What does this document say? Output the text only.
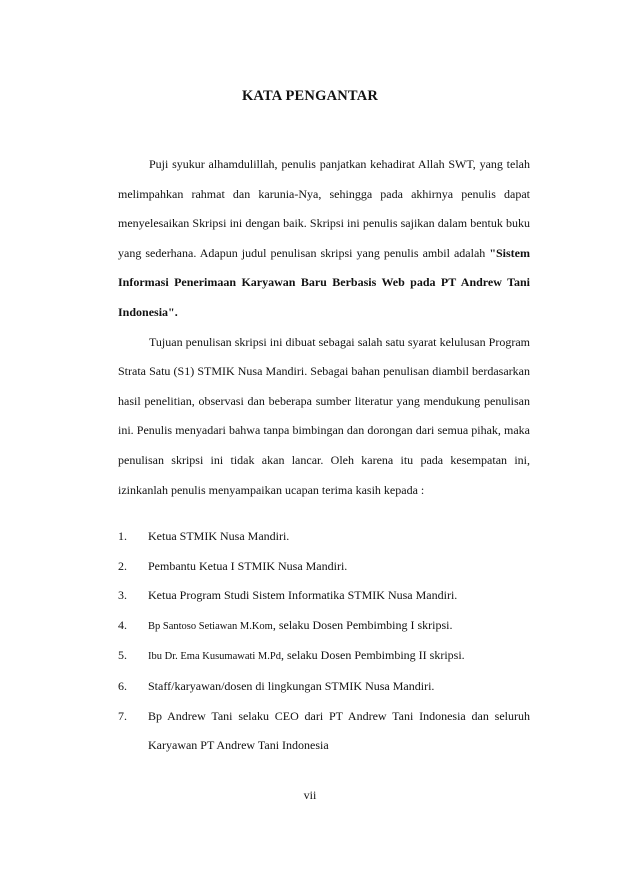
KATA PENGANTAR

Puji syukur alhamdulillah, penulis panjatkan kehadirat Allah SWT, yang telah melimpahkan rahmat dan karunia-Nya, sehingga pada akhirnya penulis dapat menyelesaikan Skripsi ini dengan baik. Skripsi ini penulis sajikan dalam bentuk buku yang sederhana. Adapun judul penulisan skripsi yang penulis ambil adalah "Sistem Informasi Penerimaan Karyawan Baru Berbasis Web pada PT Andrew Tani Indonesia".

Tujuan penulisan skripsi ini dibuat sebagai salah satu syarat kelulusan Program Strata Satu (S1) STMIK Nusa Mandiri. Sebagai bahan penulisan diambil berdasarkan hasil penelitian, observasi dan beberapa sumber literatur yang mendukung penulisan ini. Penulis menyadari bahwa tanpa bimbingan dan dorongan dari semua pihak, maka penulisan skripsi ini tidak akan lancar. Oleh karena itu pada kesempatan ini, izinkanlah penulis menyampaikan ucapan terima kasih kepada :

1. Ketua STMIK Nusa Mandiri.
2. Pembantu Ketua I STMIK Nusa Mandiri.
3. Ketua Program Studi Sistem Informatika STMIK Nusa Mandiri.
4. Bp Santoso Setiawan M.Kom, selaku Dosen Pembimbing I skripsi.
5. Ibu Dr. Ema Kusumawati M.Pd, selaku Dosen Pembimbing II skripsi.
6. Staff/karyawan/dosen di lingkungan STMIK Nusa Mandiri.
7. Bp Andrew Tani selaku CEO dari PT Andrew Tani Indonesia dan seluruh Karyawan PT Andrew Tani Indonesia
vii
